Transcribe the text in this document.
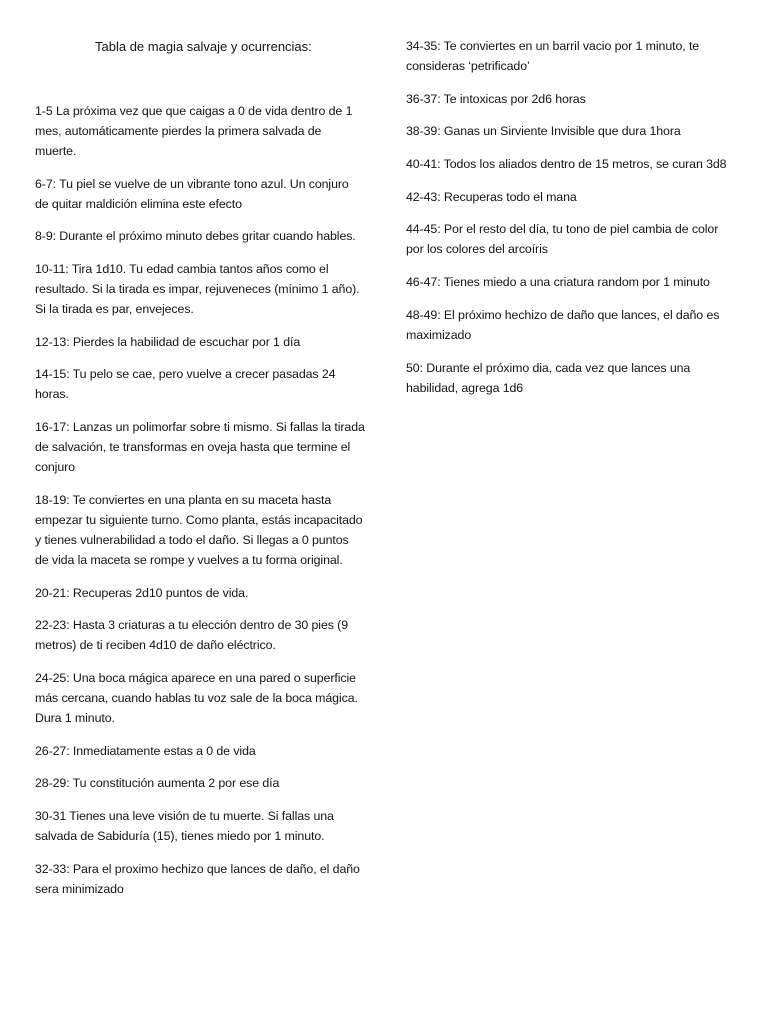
Tabla de magia salvaje y ocurrencias:
1-5 La próxima vez que que caigas a 0 de vida dentro de 1 mes, automáticamente pierdes la primera salvada de muerte.
6-7: Tu piel se vuelve de un vibrante tono azul. Un conjuro de quitar maldición elimina este efecto
8-9: Durante el próximo minuto debes gritar cuando hables.
10-11: Tira 1d10. Tu edad cambia tantos años como el resultado. Si la tirada es impar, rejuveneces (mínimo 1 año). Si la tirada es par, envejeces.
12-13: Pierdes la habilidad de escuchar por 1 día
14-15: Tu pelo se cae, pero vuelve a crecer pasadas 24 horas.
16-17: Lanzas un polimorfar sobre ti mismo. Si fallas la tirada de salvación, te transformas en oveja hasta que termine el conjuro
18-19: Te conviertes en una planta en su maceta hasta empezar tu siguiente turno. Como planta, estás incapacitado y tienes vulnerabilidad a todo el daño. Si llegas a 0 puntos de vida la maceta se rompe y vuelves a tu forma original.
20-21: Recuperas 2d10 puntos de vida.
22-23: Hasta 3 criaturas a tu elección dentro de 30 pies (9 metros) de ti reciben 4d10 de daño eléctrico.
24-25: Una boca mágica aparece en una pared o superficie más cercana, cuando hablas tu voz sale de la boca mágica. Dura 1 minuto.
26-27: Inmediatamente estas a 0 de vida
28-29: Tu constitución aumenta 2 por ese día
30-31 Tienes una leve visión de tu muerte. Si fallas una salvada de Sabiduría (15), tienes miedo por 1 minuto.
32-33: Para el proximo hechizo que lances de daño, el daño sera minimizado
34-35: Te conviertes en un barril vacio por 1 minuto, te consideras ‘petrificado’
36-37: Te intoxicas por 2d6 horas
38-39: Ganas un Sirviente Invisible que dura 1hora
40-41: Todos los aliados dentro de 15 metros, se curan 3d8
42-43: Recuperas todo el mana
44-45: Por el resto del día, tu tono de piel cambia de color por los colores del arcoíris
46-47: Tienes miedo a una criatura random por 1 minuto
48-49: El próximo hechizo de daño que lances, el daño es maximizado
50: Durante el próximo dia, cada vez que lances una habilidad, agrega 1d6
